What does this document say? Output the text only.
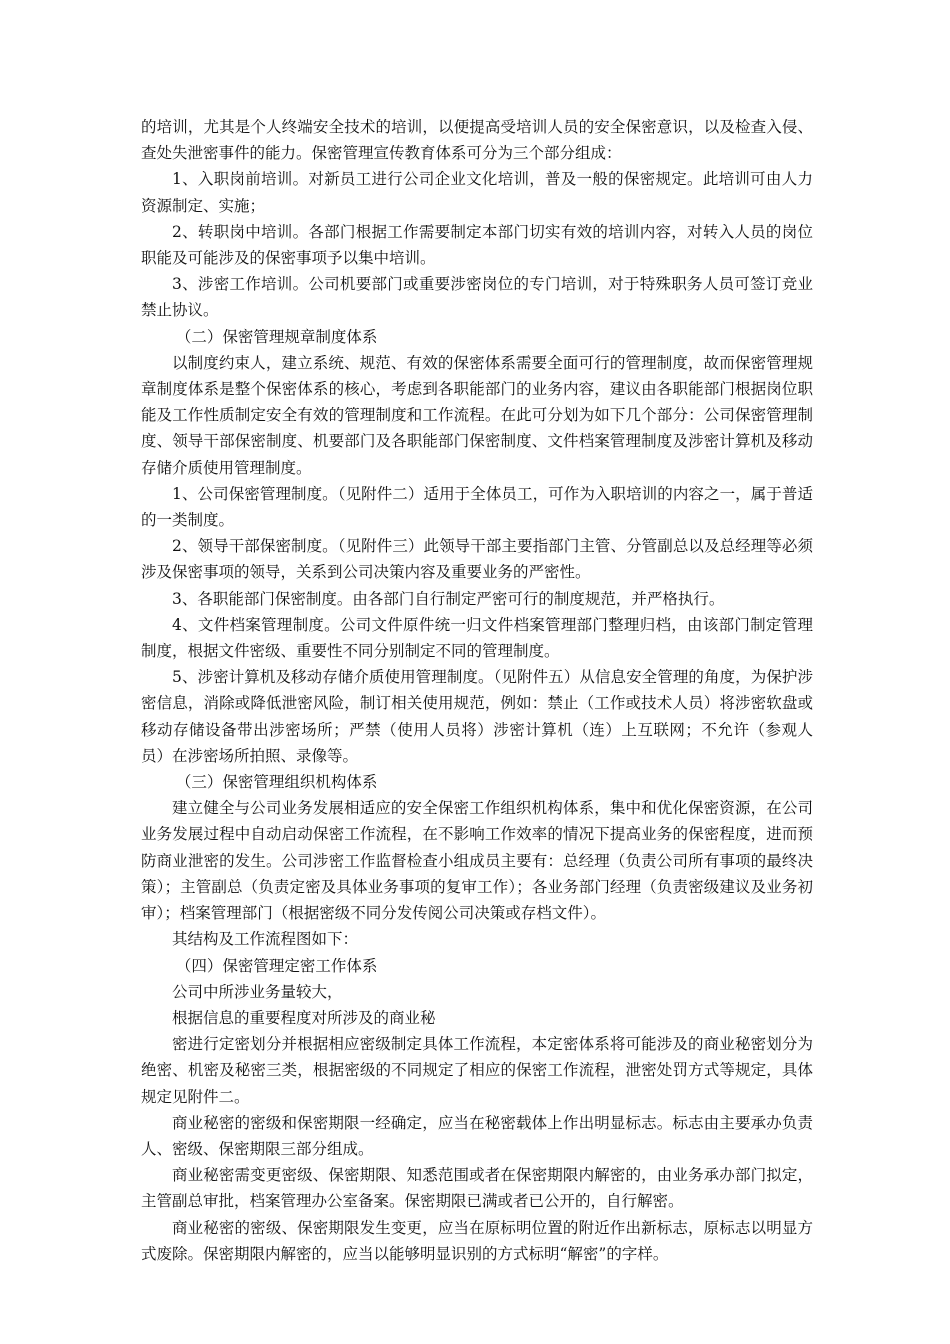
的培训，尤其是个人终端安全技术的培训，以便提高受培训人员的安全保密意识，以及检查入侵、查处失泄密事件的能力。保密管理宣传教育体系可分为三个部分组成：

1、入职岗前培训。对新员工进行公司企业文化培训，普及一般的保密规定。此培训可由人力资源制定、实施；

2、转职岗中培训。各部门根据工作需要制定本部门切实有效的培训内容，对转入人员的岗位职能及可能涉及的保密事项予以集中培训。

3、涉密工作培训。公司机要部门或重要涉密岗位的专门培训，对于特殊职务人员可签订竞业禁止协议。

（二）保密管理规章制度体系

以制度约束人，建立系统、规范、有效的保密体系需要全面可行的管理制度，故而保密管理规章制度体系是整个保密体系的核心，考虑到各职能部门的业务内容，建议由各职能部门根据岗位职能及工作性质制定安全有效的管理制度和工作流程。在此可分划为如下几个部分：公司保密管理制度、领导干部保密制度、机要部门及各职能部门保密制度、文件档案管理制度及涉密计算机及移动存储介质使用管理制度。

1、公司保密管理制度。（见附件二）适用于全体员工，可作为入职培训的内容之一，属于普适的一类制度。

2、领导干部保密制度。（见附件三）此领导干部主要指部门主管、分管副总以及总经理等必须涉及保密事项的领导，关系到公司决策内容及重要业务的严密性。

3、各职能部门保密制度。由各部门自行制定严密可行的制度规范，并严格执行。

4、文件档案管理制度。公司文件原件统一归文件档案管理部门整理归档，由该部门制定管理制度，根据文件密级、重要性不同分别制定不同的管理制度。

5、涉密计算机及移动存储介质使用管理制度。（见附件五）从信息安全管理的角度，为保护涉密信息，消除或降低泄密风险，制订相关使用规范，例如：禁止（工作或技术人员）将涉密软盘或移动存储设备带出涉密场所；严禁（使用人员将）涉密计算机（连）上互联网；不允许（参观人员）在涉密场所拍照、录像等。

（三）保密管理组织机构体系

建立健全与公司业务发展相适应的安全保密工作组织机构体系，集中和优化保密资源，在公司业务发展过程中自动启动保密工作流程，在不影响工作效率的情况下提高业务的保密程度，进而预防商业泄密的发生。公司涉密工作监督检查小组成员主要有：总经理（负责公司所有事项的最终决策）；主管副总（负责定密及具体业务事项的复审工作）；各业务部门经理（负责密级建议及业务初审）；档案管理部门（根据密级不同分发传阅公司决策或存档文件）。

其结构及工作流程图如下：

（四）保密管理定密工作体系

公司中所涉业务量较大，

根据信息的重要程度对所涉及的商业秘

密进行定密划分并根据相应密级制定具体工作流程，本定密体系将可能涉及的商业秘密划分为绝密、机密及秘密三类，根据密级的不同规定了相应的保密工作流程，泄密处罚方式等规定，具体规定见附件二。

商业秘密的密级和保密期限一经确定，应当在秘密载体上作出明显标志。标志由主要承办负责人、密级、保密期限三部分组成。

商业秘密需变更密级、保密期限、知悉范围或者在保密期限内解密的，由业务承办部门拟定，主管副总审批，档案管理办公室备案。保密期限已满或者已公开的，自行解密。

商业秘密的密级、保密期限发生变更，应当在原标明位置的附近作出新标志，原标志以明显方式废除。保密期限内解密的，应当以能够明显识别的方式标明“解密”的字样。
